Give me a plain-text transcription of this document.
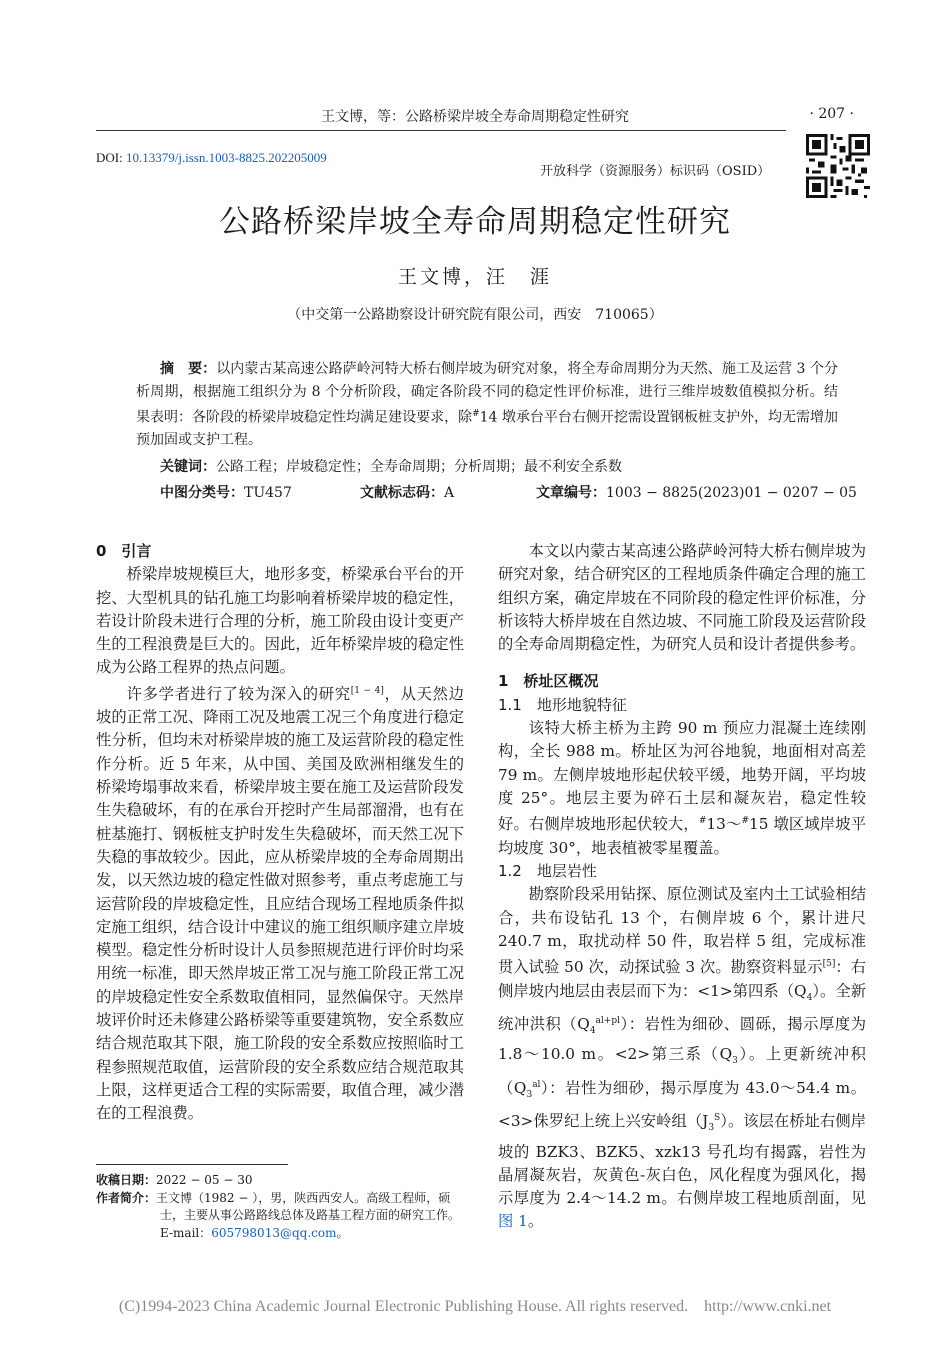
王文博，等：公路桥梁岸坡全寿命周期稳定性研究	· 207 ·
DOI: 10.13379/j.issn.1003-8825.202205009
开放科学（资源服务）标识码（OSID）
公路桥梁岸坡全寿命周期稳定性研究
王文博，汪　涯
（中交第一公路勘察设计研究院有限公司，西安　710065）
摘　要：以内蒙古某高速公路萨岭河特大桥右侧岸坡为研究对象，将全寿命周期分为天然、施工及运营 3 个分析周期，根据施工组织分为 8 个分析阶段，确定各阶段不同的稳定性评价标准，进行三维岸坡数值模拟分析。结果表明：各阶段的桥梁岸坡稳定性均满足建设要求，除#14 墩承台平台右侧开挖需设置钢板桩支护外，均无需增加预加固或支护工程。
关键词：公路工程；岸坡稳定性；全寿命周期；分析周期；最不利安全系数
中图分类号：TU457	文献标志码：A	文章编号：1003 − 8825(2023)01 − 0207 − 05
0　引言

桥梁岸坡规模巨大，地形多变，桥梁承台平台的开挖、大型机具的钻孔施工均影响着桥梁岸坡的稳定性，若设计阶段未进行合理的分析，施工阶段由设计变更产生的工程浪费是巨大的。因此，近年桥梁岸坡的稳定性成为公路工程界的热点问题。

许多学者进行了较为深入的研究[1 − 4]，从天然边坡的正常工况、降雨工况及地震工况三个角度进行稳定性分析，但均未对桥梁岸坡的施工及运营阶段的稳定性作分析。近 5 年来，从中国、美国及欧洲相继发生的桥梁垮塌事故来看，桥梁岸坡主要在施工及运营阶段发生失稳破坏，有的在承台开挖时产生局部溜滑，也有在桩基施打、钢板桩支护时发生失稳破坏，而天然工况下失稳的事故较少。因此，应从桥梁岸坡的全寿命周期出发，以天然边坡的稳定性做对照参考，重点考虑施工与运营阶段的岸坡稳定性，且应结合现场工程地质条件拟定施工组织，结合设计中建议的施工组织顺序建立岸坡模型。稳定性分析时设计人员参照规范进行评价时均采用统一标准，即天然岸坡正常工况与施工阶段正常工况的岸坡稳定性安全系数取值相同，显然偏保守。天然岸坡评价时还未修建公路桥梁等重要建筑物，安全系数应结合规范取其下限，施工阶段的安全系数应按照临时工程参照规范取值，运营阶段的安全系数应结合规范取其上限，这样更适合工程的实际需要，取值合理，减少潜在的工程浪费。

本文以内蒙古某高速公路萨岭河特大桥右侧岸坡为研究对象，结合研究区的工程地质条件确定合理的施工组织方案，确定岸坡在不同阶段的稳定性评价标准，分析该特大桥岸坡在自然边坡、不同施工阶段及运营阶段的全寿命周期稳定性，为研究人员和设计者提供参考。

1　桥址区概况
1.1　地形地貌特征

该特大桥主桥为主跨 90 m 预应力混凝土连续刚构，全长 988 m。桥址区为河谷地貌，地面相对高差 79 m。左侧岸坡地形起伏较平缓，地势开阔，平均坡度 25°。地层主要为碎石土层和凝灰岩，稳定性较好。右侧岸坡地形起伏较大，#13～#15 墩区域岸坡平均坡度 30°，地表植被零星覆盖。

1.2　地层岩性

勘察阶段采用钻探、原位测试及室内土工试验相结合，共布设钻孔 13 个，右侧岸坡 6 个，累计进尺 240.7 m，取扰动样 50 件，取岩样 5 组，完成标准贯入试验 50 次，动探试验 3 次。勘察资料显示[5]：右侧岸坡内地层由表层而下为：<1>第四系$(Q_4)$。全新统冲洪积$(Q_4^{al+pl})$：岩性为细砂、圆砾，揭示厚度为 1.8～10.0 m。<2>第三系$(Q_3)$。上更新统冲积$(Q_3^{al})$：岩性为细砂，揭示厚度为 43.0～54.4 m。<3>侏罗纪上统上兴安岭组$(J_3^S)$。该层在桥址右侧岸坡的 BZK3、BZK5、xzk13 号孔均有揭露，岩性为晶屑凝灰岩，灰黄色-灰白色，风化程度为强风化，揭示厚度为 2.4～14.2 m。右侧岸坡工程地质剖面，见图 1。

收稿日期：2022 − 05 − 30
作者简介：王文博（1982 − ），男，陕西西安人。高级工程师，硕士，主要从事公路路线总体及路基工程方面的研究工作。E-mail：605798013@qq.com。
(C)1994-2023 China Academic Journal Electronic Publishing House. All rights reserved.    http://www.cnki.net
